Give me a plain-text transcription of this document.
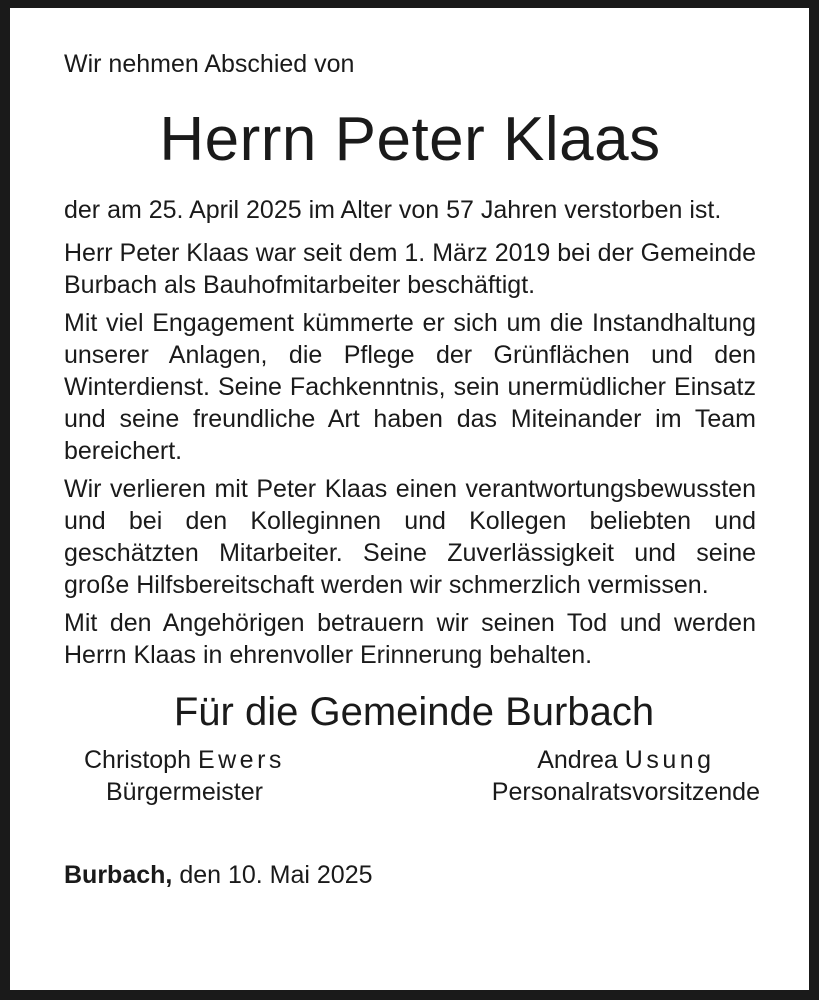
Wir nehmen Abschied von

Herrn Peter Klaas

der am 25. April 2025 im Alter von 57 Jahren verstorben ist.

Herr Peter Klaas war seit dem 1. März 2019 bei der Gemeinde Burbach als Bauhofmitarbeiter beschäftigt.

Mit viel Engagement kümmerte er sich um die Instandhaltung unserer Anlagen, die Pflege der Grünflächen und den Winterdienst. Seine Fachkenntnis, sein unermüdlicher Einsatz und seine freundliche Art haben das Miteinander im Team bereichert.

Wir verlieren mit Peter Klaas einen verantwortungsbewussten und bei den Kolleginnen und Kollegen beliebten und geschätzten Mitarbeiter. Seine Zuverlässigkeit und seine große Hilfsbereitschaft werden wir schmerzlich vermissen.

Mit den Angehörigen betrauern wir seinen Tod und werden Herrn Klaas in ehrenvoller Erinnerung behalten.

Für die Gemeinde Burbach

Christoph Ewers
Bürgermeister
Andrea Usung
Personalratsvorsitzende

Burbach, den 10. Mai 2025
